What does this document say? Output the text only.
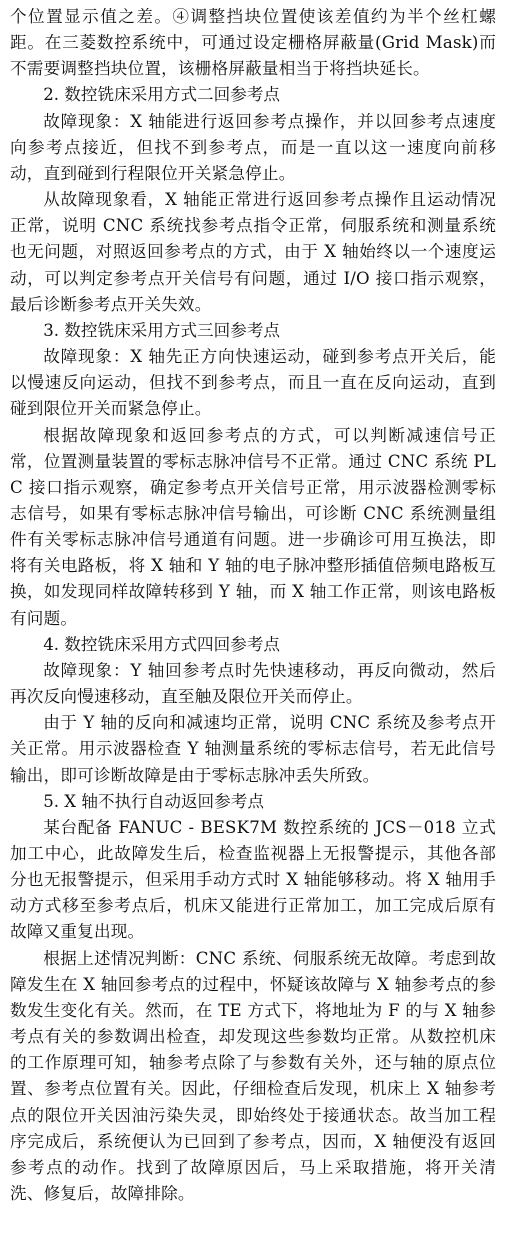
个位置显示值之差。④调整挡块位置使该差值约为半个丝杠螺距。在三菱数控系统中，可通过设定栅格屏蔽量(Grid Mask)而不需要调整挡块位置，该栅格屏蔽量相当于将挡块延长。

2. 数控铣床采用方式二回参考点

故障现象：X 轴能进行返回参考点操作，并以回参考点速度向参考点接近，但找不到参考点，而是一直以这一速度向前移动，直到碰到行程限位开关紧急停止。

从故障现象看，X 轴能正常进行返回参考点操作且运动情况正常，说明 CNC 系统找参考点指令正常，伺服系统和测量系统也无问题，对照返回参考点的方式，由于 X 轴始终以一个速度运动，可以判定参考点开关信号有问题，通过 I/O 接口指示观察，最后诊断参考点开关失效。

3. 数控铣床采用方式三回参考点

故障现象：X 轴先正方向快速运动，碰到参考点开关后，能以慢速反向运动，但找不到参考点，而且一直在反向运动，直到碰到限位开关而紧急停止。

根据故障现象和返回参考点的方式，可以判断减速信号正常，位置测量装置的零标志脉冲信号不正常。通过 CNC 系统 PLC 接口指示观察，确定参考点开关信号正常，用示波器检测零标志信号，如果有零标志脉冲信号输出，可诊断 CNC 系统测量组件有关零标志脉冲信号通道有问题。进一步确诊可用互换法，即将有关电路板，将 X 轴和 Y 轴的电子脉冲整形插值倍频电路板互换，如发现同样故障转移到 Y 轴，而 X 轴工作正常，则该电路板有问题。

4. 数控铣床采用方式四回参考点

故障现象：Y 轴回参考点时先快速移动，再反向微动，然后再次反向慢速移动，直至触及限位开关而停止。

由于 Y 轴的反向和减速均正常，说明 CNC 系统及参考点开关正常。用示波器检查 Y 轴测量系统的零标志信号，若无此信号输出，即可诊断故障是由于零标志脉冲丢失所致。

5. X 轴不执行自动返回参考点

某台配备 FANUC - BESK7M 数控系统的 JCS－018 立式加工中心，此故障发生后，检查监视器上无报警提示，其他各部分也无报警提示，但采用手动方式时 X 轴能够移动。将 X 轴用手动方式移至参考点后，机床又能进行正常加工，加工完成后原有故障又重复出现。

根据上述情况判断：CNC 系统、伺服系统无故障。考虑到故障发生在 X 轴回参考点的过程中，怀疑该故障与 X 轴参考点的参数发生变化有关。然而，在 TE 方式下，将地址为 F 的与 X 轴参考点有关的参数调出检查，却发现这些参数均正常。从数控机床的工作原理可知，轴参考点除了与参数有关外，还与轴的原点位置、参考点位置有关。因此，仔细检查后发现，机床上 X 轴参考点的限位开关因油污染失灵，即始终处于接通状态。故当加工程序完成后，系统便认为已回到了参考点，因而，X 轴便没有返回参考点的动作。找到了故障原因后，马上采取措施，将开关清洗、修复后，故障排除。
